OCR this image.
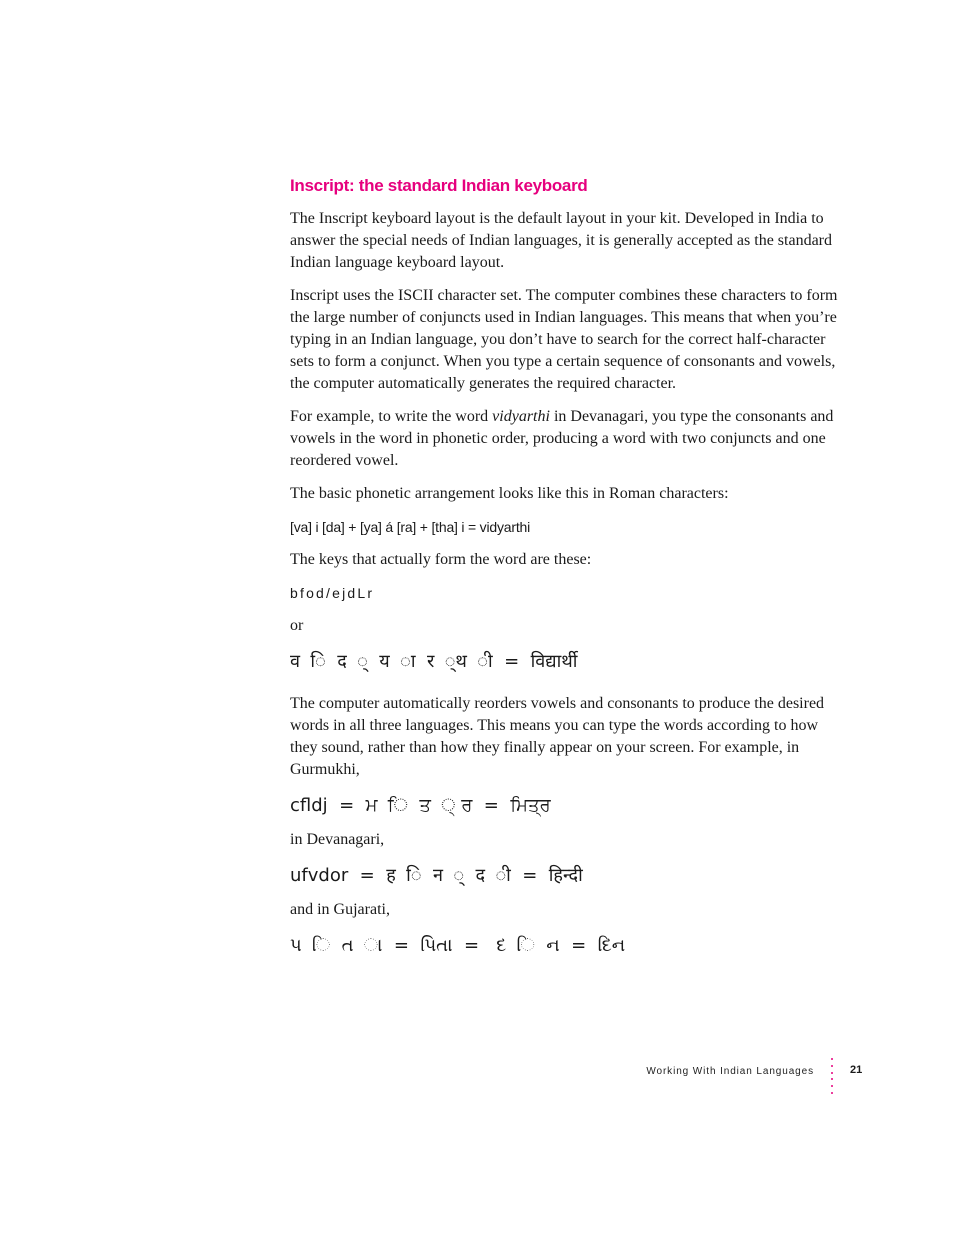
Inscript: the standard Indian keyboard

The Inscript keyboard layout is the default layout in your kit. Developed in India to answer the special needs of Indian languages, it is generally accepted as the standard Indian language keyboard layout.

Inscript uses the ISCII character set. The computer combines these characters to form the large number of conjuncts used in Indian languages. This means that when you’re typing in an Indian language, you don’t have to search for the correct half-character sets to form a conjunct. When you type a certain sequence of consonants and vowels, the computer automatically generates the required character.

For example, to write the word vidyarthi in Devanagari, you type the consonants and vowels in the word in phonetic order, producing a word with two conjuncts and one reordered vowel.

The basic phonetic arrangement looks like this in Roman characters:

[va] i [da] + [ya] á [ra] + [tha] i = vidyarthi

The keys that actually form the word are these:

bfod/ejdLr

or

व  ि  द  ्  य  ा  र  ्थ  ी  =  विद्यार्थी

The computer automatically reorders vowels and consonants to produce the desired words in all three languages. This means you can type the words according to how they sound, rather than how they finally appear on your screen. For example, in Gurmukhi,

cfldj  =  ਮ  ਿ  ਤ  ੍ ਰ  =  ਮਿਤ੍ਰ

in Devanagari,

ufvdor  =  ह  ि  न  ्  द  ी  =  हिन्दी

and in Gujarati,

પ  િ  ત  ા  =  પિતા  =   દ  િ  ન  =  દિન
Working With Indian Languages	21
